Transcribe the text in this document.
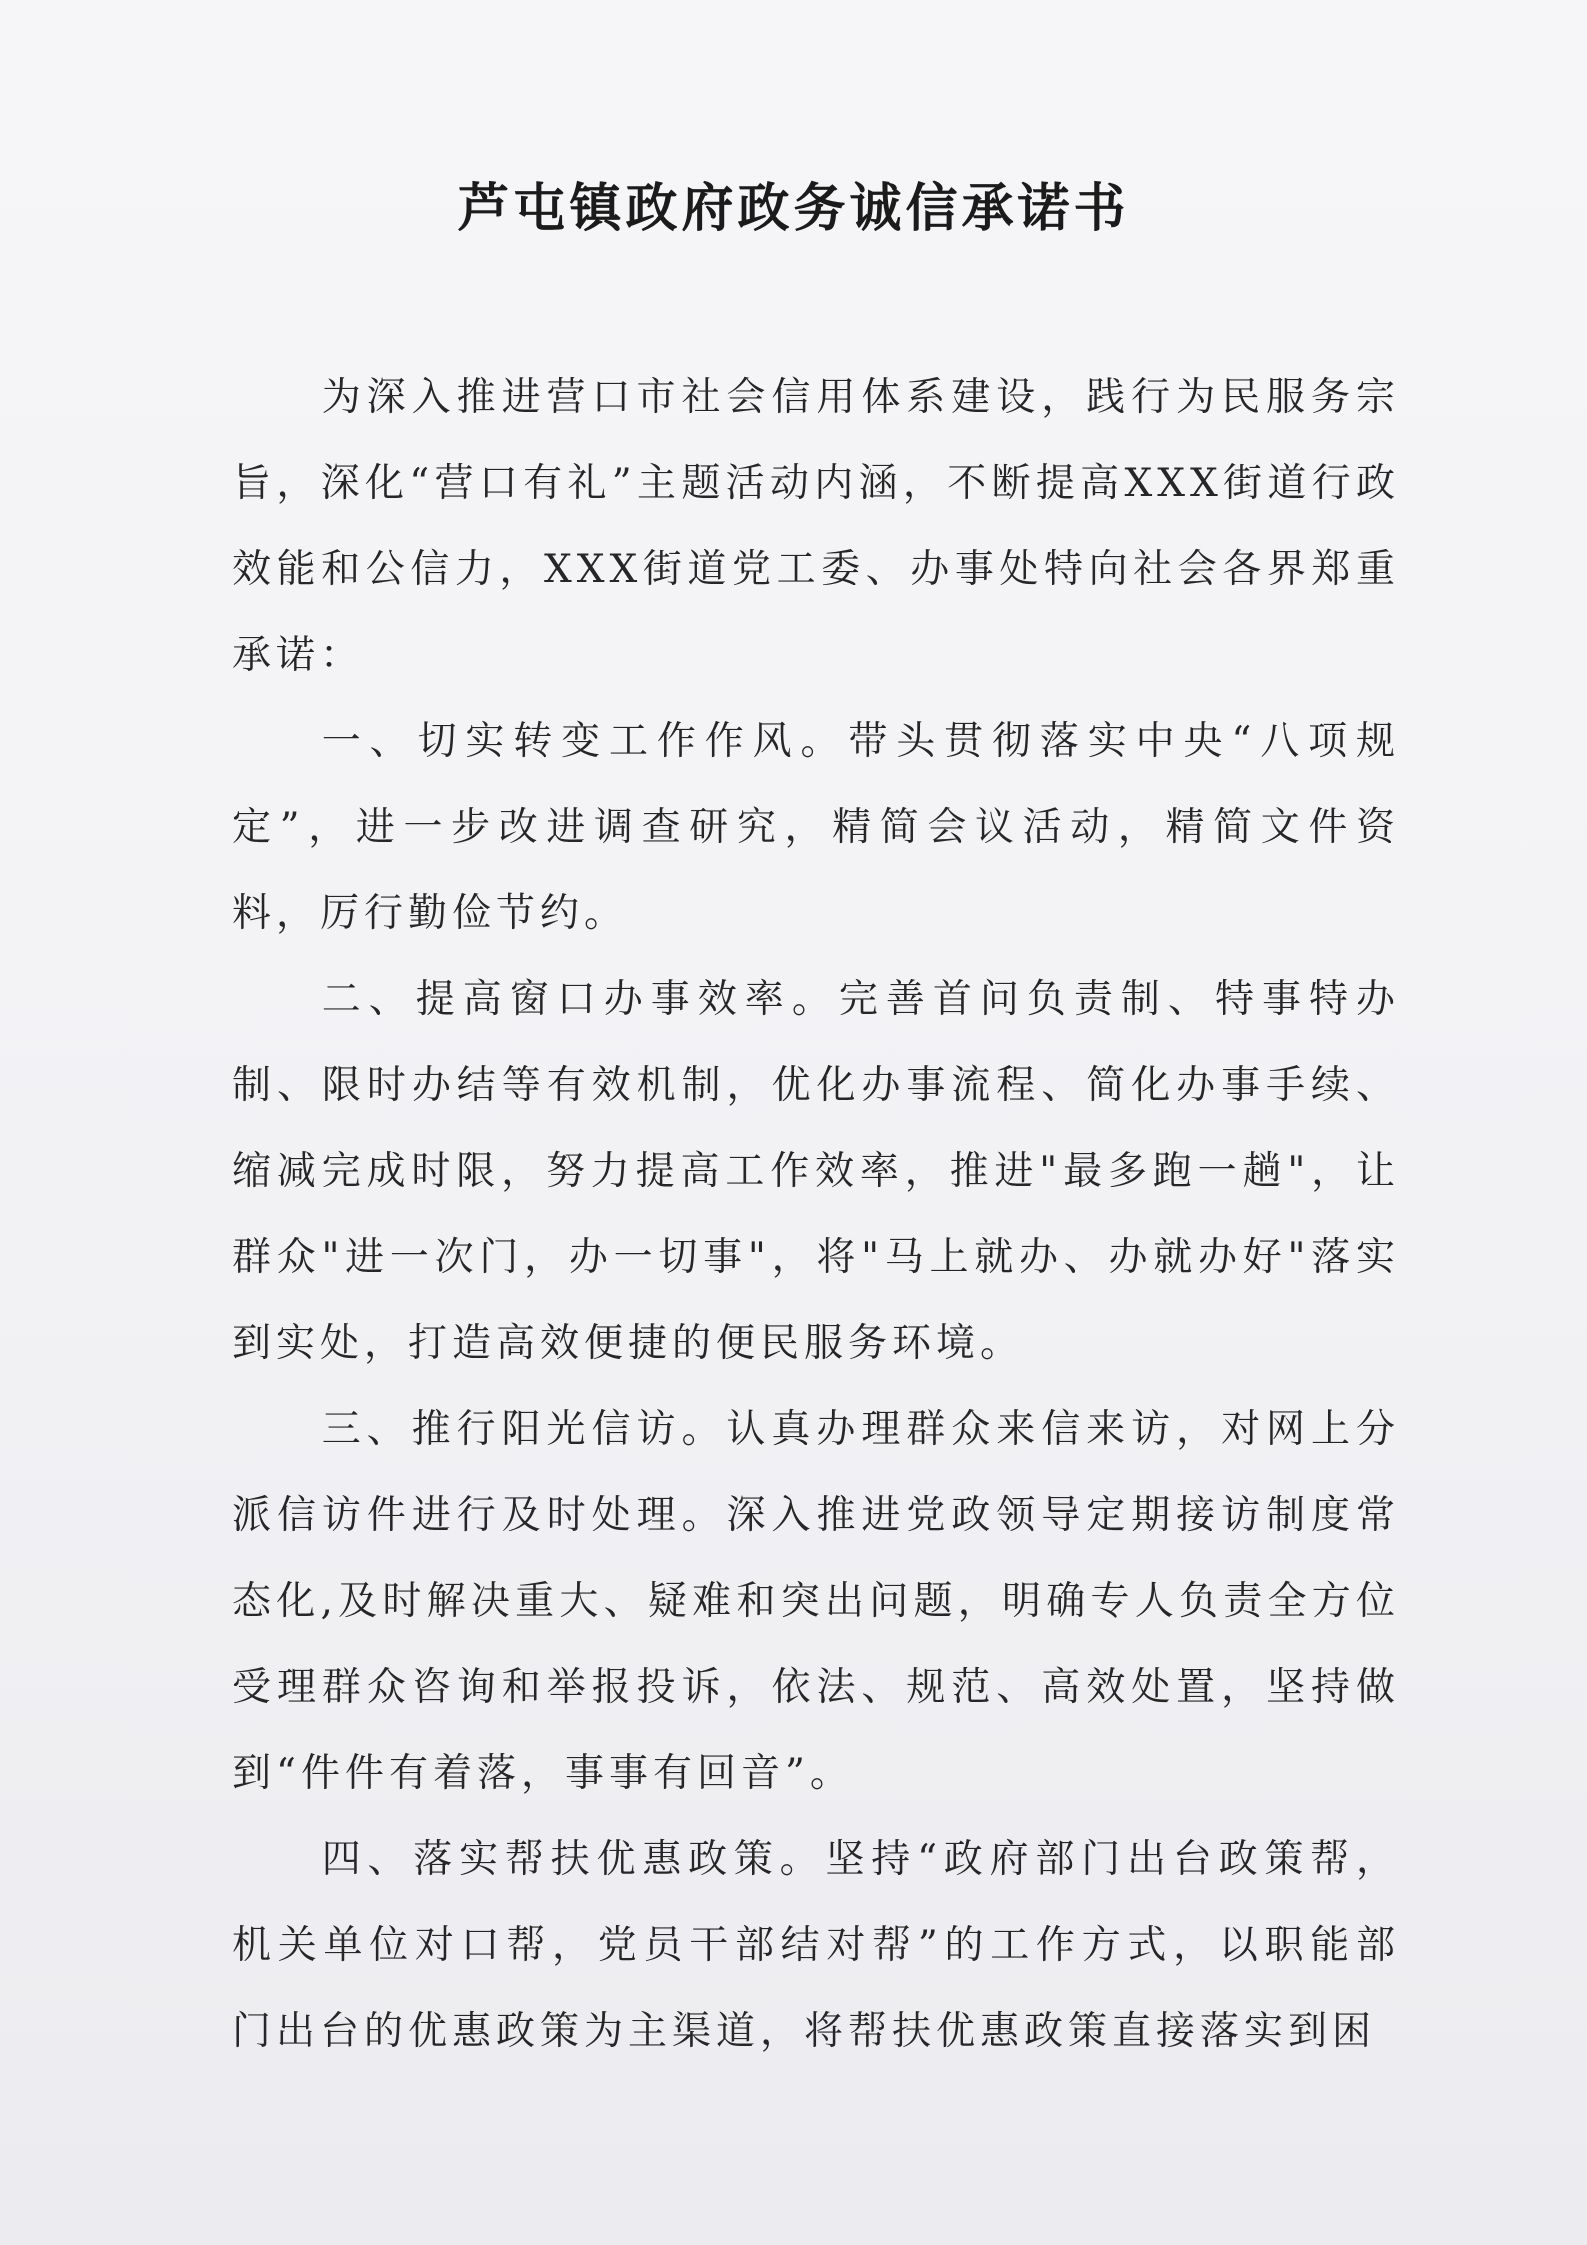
芦屯镇政府政务诚信承诺书

为深入推进营口市社会信用体系建设，践行为民服务宗旨，深化“营口有礼”主题活动内涵，不断提高XXX街道行政效能和公信力，XXX街道党工委、办事处特向社会各界郑重承诺：

一、切实转变工作作风。带头贯彻落实中央“八项规定”，进一步改进调查研究，精简会议活动，精简文件资料，厉行勤俭节约。

二、提高窗口办事效率。完善首问负责制、特事特办制、限时办结等有效机制，优化办事流程、简化办事手续、缩减完成时限，努力提高工作效率，推进"最多跑一趟"，让群众"进一次门，办一切事"，将"马上就办、办就办好"落实到实处，打造高效便捷的便民服务环境。

三、推行阳光信访。认真办理群众来信来访，对网上分派信访件进行及时处理。深入推进党政领导定期接访制度常态化,及时解决重大、疑难和突出问题，明确专人负责全方位受理群众咨询和举报投诉，依法、规范、高效处置，坚持做到“件件有着落，事事有回音”。

四、落实帮扶优惠政策。坚持“政府部门出台政策帮，机关单位对口帮，党员干部结对帮”的工作方式，以职能部门出台的优惠政策为主渠道，将帮扶优惠政策直接落实到困
